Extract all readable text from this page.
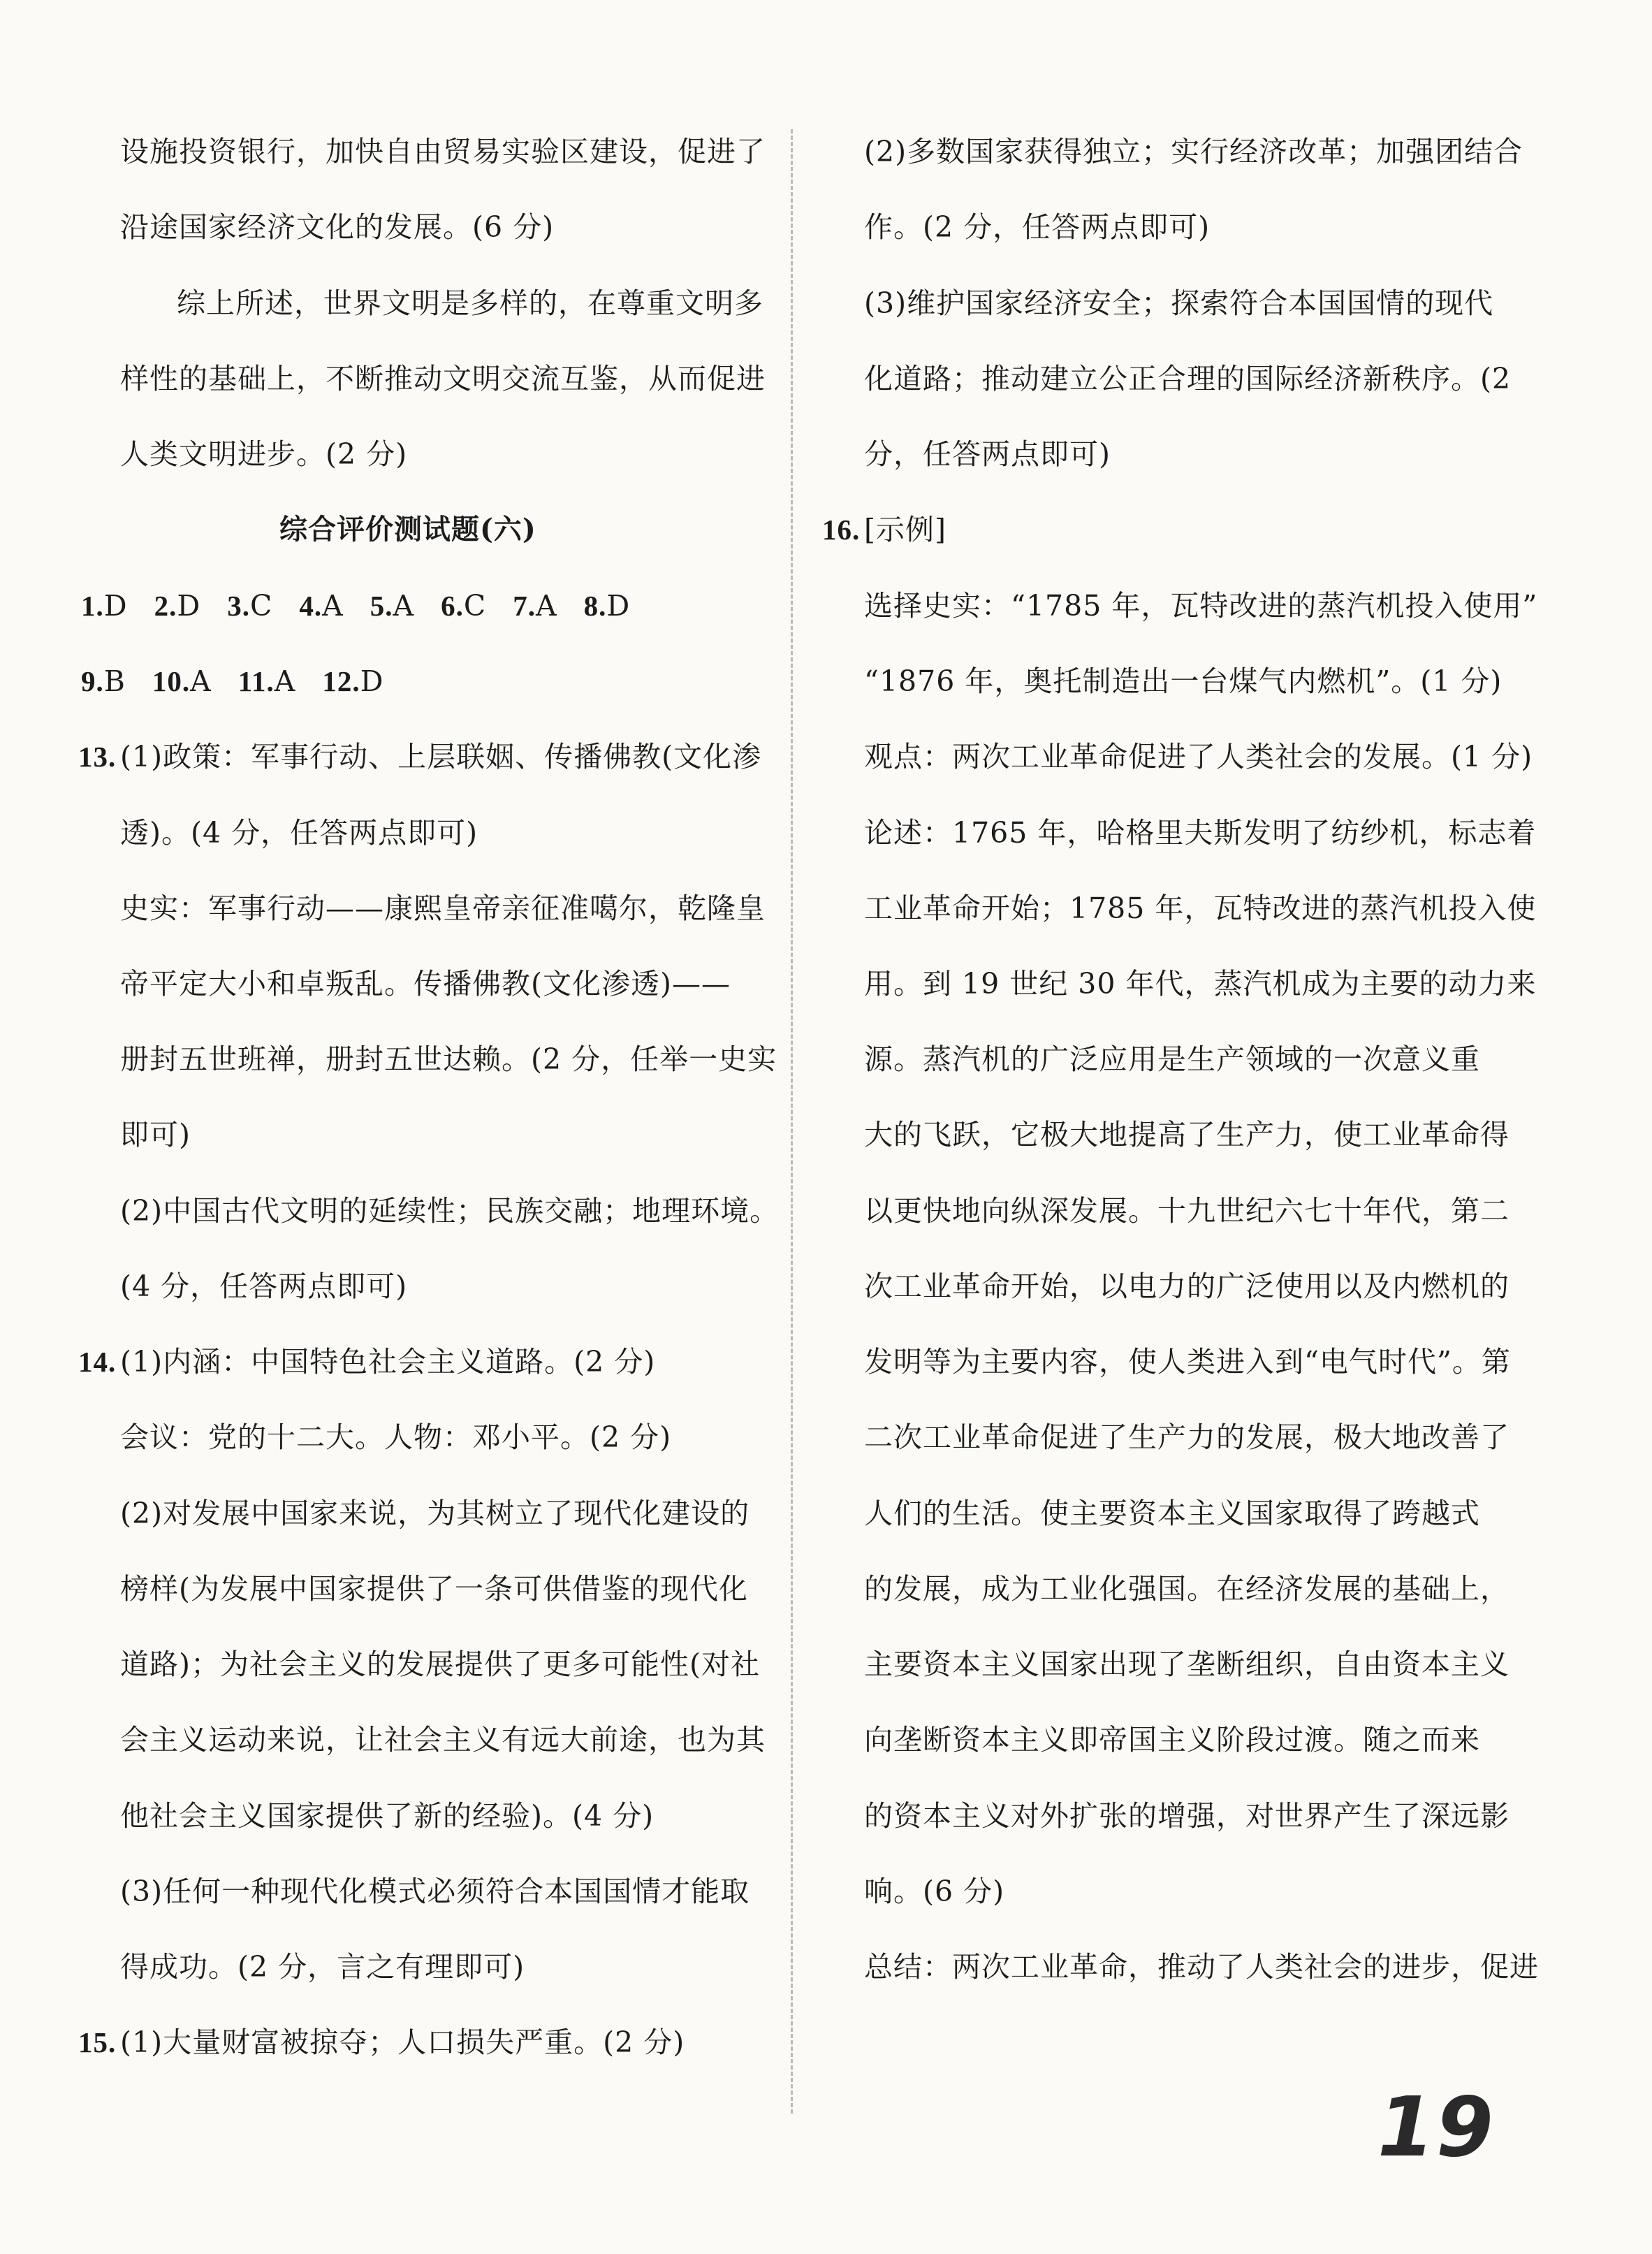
设施投资银行，加快自由贸易实验区建设，促进了
沿途国家经济文化的发展。(6 分)
综上所述，世界文明是多样的，在尊重文明多
样性的基础上，不断推动文明交流互鉴，从而促进
人类文明进步。(2 分)
综合评价测试题(六)
1.D 2.D 3.C 4.A 5.A 6.C 7.A 8.D
9.B 10.A 11.A 12.D
13. (1)政策：军事行动、上层联姻、传播佛教(文化渗
透)。(4 分，任答两点即可)
史实：军事行动——康熙皇帝亲征准噶尔，乾隆皇
帝平定大小和卓叛乱。传播佛教(文化渗透)——
册封五世班禅，册封五世达赖。(2 分，任举一史实
即可)
(2)中国古代文明的延续性；民族交融；地理环境。
(4 分，任答两点即可)
14. (1)内涵：中国特色社会主义道路。(2 分)
会议：党的十二大。人物：邓小平。(2 分)
(2)对发展中国家来说，为其树立了现代化建设的
榜样(为发展中国家提供了一条可供借鉴的现代化
道路)；为社会主义的发展提供了更多可能性(对社
会主义运动来说，让社会主义有远大前途，也为其
他社会主义国家提供了新的经验)。(4 分)
(3)任何一种现代化模式必须符合本国国情才能取
得成功。(2 分，言之有理即可)
15. (1)大量财富被掠夺；人口损失严重。(2 分)
(2)多数国家获得独立；实行经济改革；加强团结合
作。(2 分，任答两点即可)
(3)维护国家经济安全；探索符合本国国情的现代
化道路；推动建立公正合理的国际经济新秩序。(2
分，任答两点即可)
16. [示例]
选择史实：“1785 年，瓦特改进的蒸汽机投入使用”
“1876 年，奥托制造出一台煤气内燃机”。(1 分)
观点：两次工业革命促进了人类社会的发展。(1 分)
论述：1765 年，哈格里夫斯发明了纺纱机，标志着
工业革命开始；1785 年，瓦特改进的蒸汽机投入使
用。到 19 世纪 30 年代，蒸汽机成为主要的动力来
源。蒸汽机的广泛应用是生产领域的一次意义重
大的飞跃，它极大地提高了生产力，使工业革命得
以更快地向纵深发展。十九世纪六七十年代，第二
次工业革命开始，以电力的广泛使用以及内燃机的
发明等为主要内容，使人类进入到“电气时代”。第
二次工业革命促进了生产力的发展，极大地改善了
人们的生活。使主要资本主义国家取得了跨越式
的发展，成为工业化强国。在经济发展的基础上，
主要资本主义国家出现了垄断组织，自由资本主义
向垄断资本主义即帝国主义阶段过渡。随之而来
的资本主义对外扩张的增强，对世界产生了深远影
响。(6 分)
总结：两次工业革命，推动了人类社会的进步，促进
19
